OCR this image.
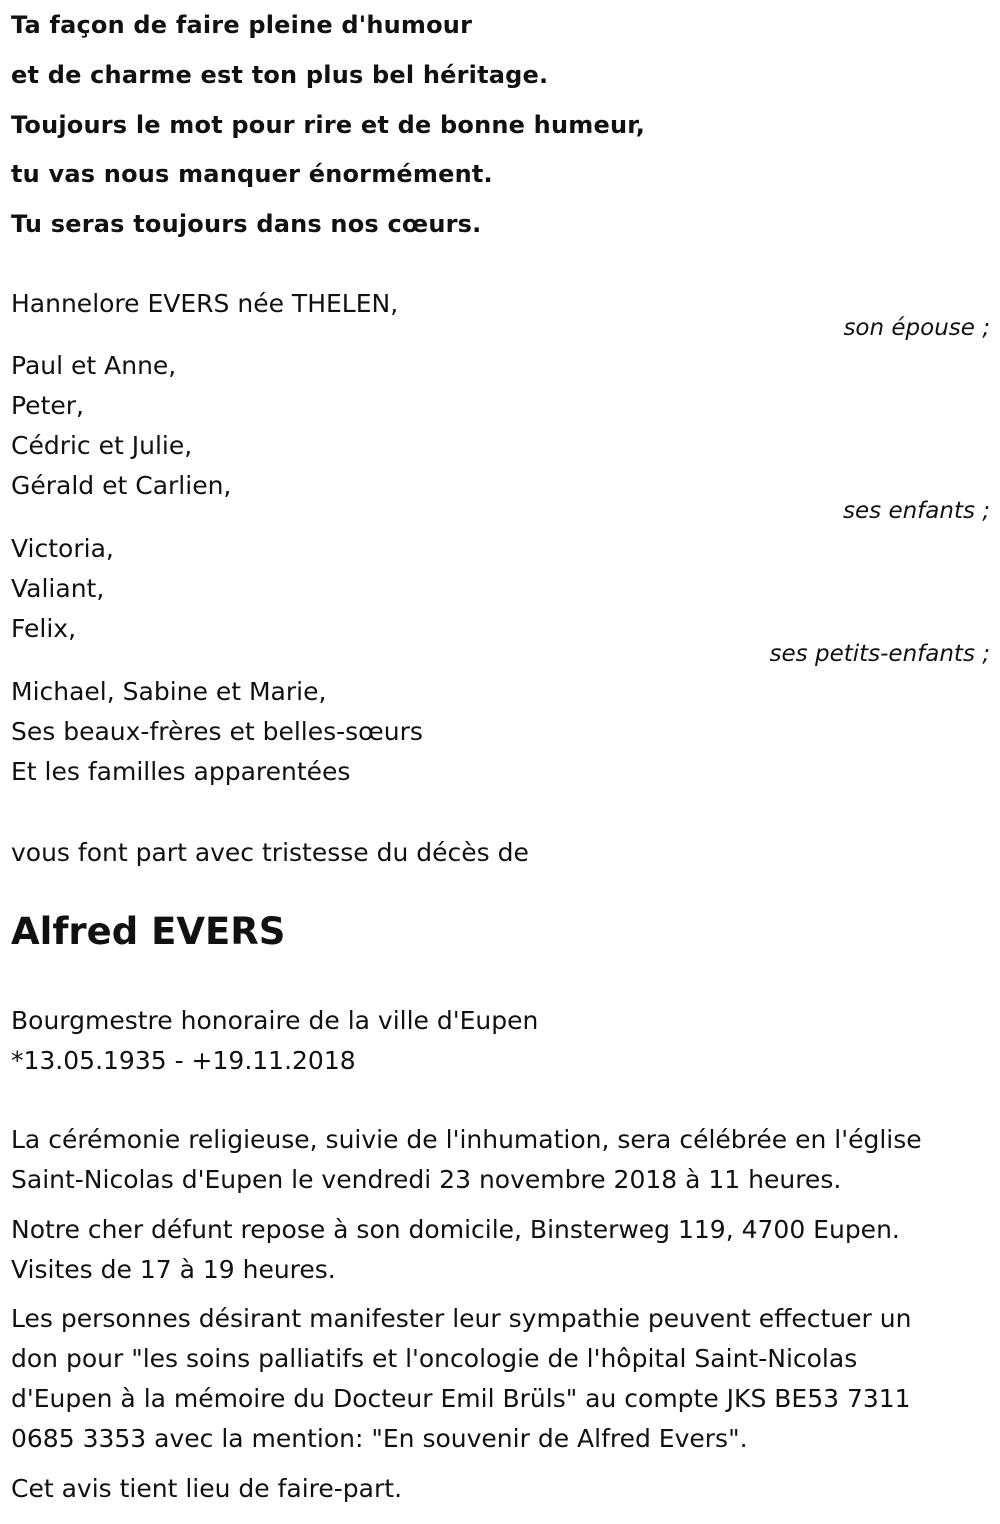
Ta façon de faire pleine d'humour
et de charme est ton plus bel héritage.
Toujours le mot pour rire et de bonne humeur,
tu vas nous manquer énormément.
Tu seras toujours dans nos cœurs.
Hannelore EVERS née THELEN,
son épouse ;
Paul et Anne,
Peter,
Cédric et Julie,
Gérald et Carlien,
ses enfants ;
Victoria,
Valiant,
Felix,
ses petits-enfants ;
Michael, Sabine et Marie,
Ses beaux-frères et belles-sœurs
Et les familles apparentées
vous font part avec tristesse du décès de
Alfred EVERS
Bourgmestre honoraire de la ville d'Eupen
*13.05.1935 - +19.11.2018
La cérémonie religieuse, suivie de l'inhumation, sera célébrée en l'église
Saint-Nicolas d'Eupen le vendredi 23 novembre 2018 à 11 heures.
Notre cher défunt repose à son domicile, Binsterweg 119, 4700 Eupen.
Visites de 17 à 19 heures.
Les personnes désirant manifester leur sympathie peuvent effectuer un
don pour "les soins palliatifs et l'oncologie de l'hôpital Saint-Nicolas
d'Eupen à la mémoire du Docteur Emil Brüls" au compte JKS BE53 7311
0685 3353 avec la mention: "En souvenir de Alfred Evers".
Cet avis tient lieu de faire-part.
